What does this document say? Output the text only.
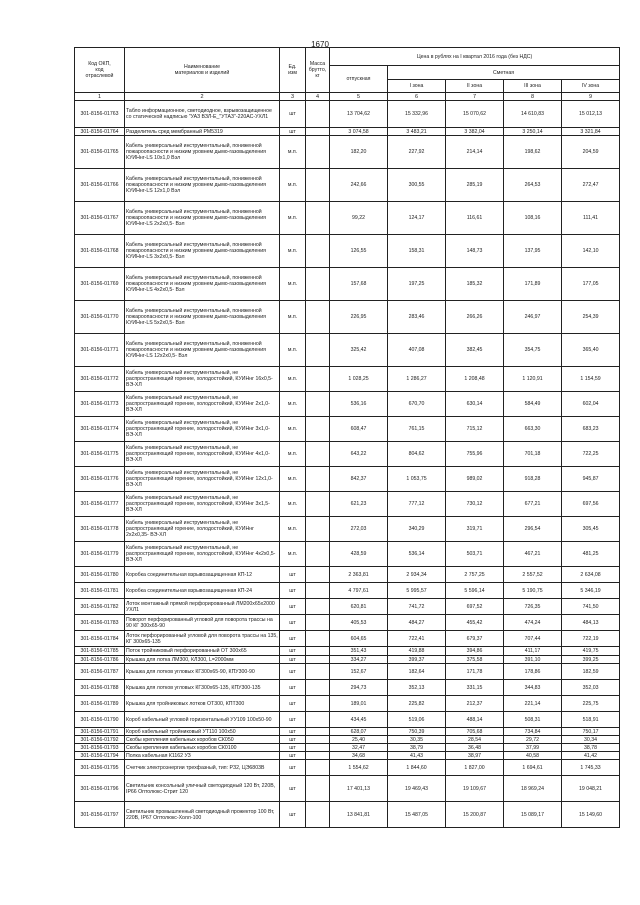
1670
Код ОКП,
код
отраслевой	Наименование
материалов и изделий	Ед.
изм	Масса
брутто,
кг	Цена в рублях на I квартал 2016 года (без НДС)				
				отпускная	Сметная			
					I зона	II зона	III зона	IV зона
1	2	3	4	5	6	7	8	9
301-8156-01763	Табло информационное, светодиодное, взрывозащищенное со статической надписью "УАЗ ВЗЛ-Е_"УТАЗ"-220АС-УХЛ1	шт		13 704,62	15 332,96	15 070,62	14 610,83	15 012,13
301-8156-01764	Разделитель сред мембранный РМ5319	шт		3 074,58	3 483,21	3 382,04	3 250,14	3 321,84
301-8156-01765	Кабель универсальный инструментальный, пониженной пожароопасности и низким уровнем дымо-газовыделения КУИНнг-LS 10х1,0 Вэл	м.п.		182,20	227,92	214,14	198,62	204,59
301-8156-01766	Кабель универсальный инструментальный, пониженной пожароопасности и низким уровнем дымо-газовыделения КУИНнг-LS 12х1,0 Вэл	м.п.		242,66	300,55	285,19	264,53	272,47
301-8156-01767	Кабель универсальный инструментальный, пониженной пожароопасности и низким уровнем дымо-газовыделения КУИНнг-LS 2х2х0,5- Вэл	м.п.		99,22	124,17	116,61	108,16	111,41
301-8156-01768	Кабель универсальный инструментальный, пониженной пожароопасности и низким уровнем дымо-газовыделения КУИНнг-LS 3х2х0,5- Вэл	м.п.		126,55	158,31	148,73	137,95	142,10
301-8156-01769	Кабель универсальный инструментальный, пониженной пожароопасности и низким уровнем дымо-газовыделения КУИНнг-LS 4х2х0,5- Вэл	м.п.		157,68	197,25	185,32	171,89	177,05
301-8156-01770	Кабель универсальный инструментальный, пониженной пожароопасности и низким уровнем дымо-газовыделения КУИНнг-LS 5х2х0,5- Вэл	м.п.		226,95	283,46	266,26	246,97	254,39
301-8156-01771	Кабель универсальный инструментальный, пониженной пожароопасности и низким уровнем дымо-газовыделения КУИНнг-LS 12х2х0,5- Вэл	м.п.		325,42	407,08	382,45	354,75	365,40
301-8156-01772	Кабель универсальный инструментальный, не распространяющий горение, холодостойкий, КУИНнг 16х0,5- ВЭ-ХЛ	м.п.		1 028,25	1 286,27	1 208,48	1 120,91	1 154,59
301-8156-01773	Кабель универсальный инструментальный, не распространяющий горение, холодостойкий, КУИНнг 2х1,0- ВЭ-ХЛ	м.п.		536,16	670,70	630,14	584,49	602,04
301-8156-01774	Кабель универсальный инструментальный, не распространяющий горение, холодостойкий, КУИНнг 3х1,0- ВЭ-ХЛ	м.п.		608,47	761,15	715,12	663,30	683,23
301-8156-01775	Кабель универсальный инструментальный, не распространяющий горение, холодостойкий, КУИНнг 4х1,0- ВЭ-ХЛ	м.п.		643,22	804,62	755,96	701,18	722,25
301-8156-01776	Кабель универсальный инструментальный, не распространяющий горение, холодостойкий, КУИНнг 12х1,0- ВЭ-ХЛ	м.п.		842,37	1 053,75	989,02	918,28	945,87
301-8156-01777	Кабель универсальный инструментальный, не распространяющий горение, холодостойкий, КУИНнг 3х1,5- ВЭ-ХЛ	м.п.		621,23	777,12	730,12	677,21	697,56
301-8156-01778	Кабель универсальный инструментальный, не распространяющий горение, холодостойкий, КУИНнг 2х2х0,35- ВЭ-ХЛ	м.п.		272,03	340,29	319,71	296,54	305,45
301-8156-01779	Кабель универсальный инструментальный, не распространяющий горение, холодостойкий, КУИНнг 4х2х0,5- ВЭ-ХЛ	м.п.		428,59	536,14	503,71	467,21	481,25
301-8156-01780	Коробка соединительная взрывозащищенная КП-12	шт		2 363,81	2 934,34	2 757,25	2 557,52	2 634,08
301-8156-01781	Коробка соединительная взрывозащищенная КП-24	шт		4 797,61	5 995,57	5 596,14	5 190,75	5 346,19
301-8156-01782	Лоток монтажный прямой перфорированный ЛМ200х65х2000 УХЛ1	шт		620,81	741,72	697,52	726,35	741,50
301-8156-01783	Поворот перфорированный угловой для поворота трассы на 90 КГ 300х65-90	шт		405,53	484,27	455,42	474,24	484,13
301-8156-01784	Лоток перфорированный угловой для поворота трассы на 135, КГ 300х65-135	шт		604,65	722,41	679,37	707,44	722,19
301-8156-01785	Поток тройниковый перфорированный ОТ 300х65	шт		351,43	419,88	394,86	411,17	419,75
301-8156-01786	Крышка для лотка ЛМ300, КЛ300, L=2000мм	шт		334,27	399,37	375,58	391,10	399,25
301-8156-01787	Крышка для лотков угловых КГ300х65-90, КПУ300-90	шт		152,67	182,64	171,78	178,86	182,59
301-8156-01788	Крышка для лотков угловых КГ300х65-135, КПУ300-135	шт		294,73	352,13	331,15	344,83	352,03
301-8156-01789	Крышка для тройниковых лотков ОТ300, КПТ300	шт		189,01	225,82	212,37	221,14	225,75
301-8156-01790	Короб кабельный угловой горизонтальный УУ109 100х50-90	шт		434,45	519,06	488,14	508,31	518,91
301-8156-01791	Короб кабельный тройниковый УТ110 100х50	шт		628,07	750,39	705,68	734,84	750,17
301-8156-01792	Скобы крепления кабельных коробов СК050	шт		25,40	30,35	28,54	29,72	30,34
301-8156-01793	Скобы крепления кабельных коробов СК0100	шт		32,47	38,79	36,48	37,99	38,78
301-8156-01794	Полка кабельная К1162 УЗ	шт		34,68	41,43	38,97	40,58	41,42
301-8156-01795	Счетчик электроэнергии трехфазный, тип: PЗ2, ЦЭ6803В	шт		1 554,62	1 844,60	1 827,00	1 694,61	1 745,33
301-8156-01796	Светильник консольный уличный светодиодный 120 Вт, 220В, IP66 Оптолюкс-Стрит 120	шт		17 401,13	19 469,43	19 109,67	18 969,24	19 048,21
301-8156-01797	Светильник промышленный светодиодный прожектор 100 Вт, 220В, IP67 Оптолюкс-Холл-100	шт		13 841,81	15 487,05	15 200,87	15 089,17	15 149,60
